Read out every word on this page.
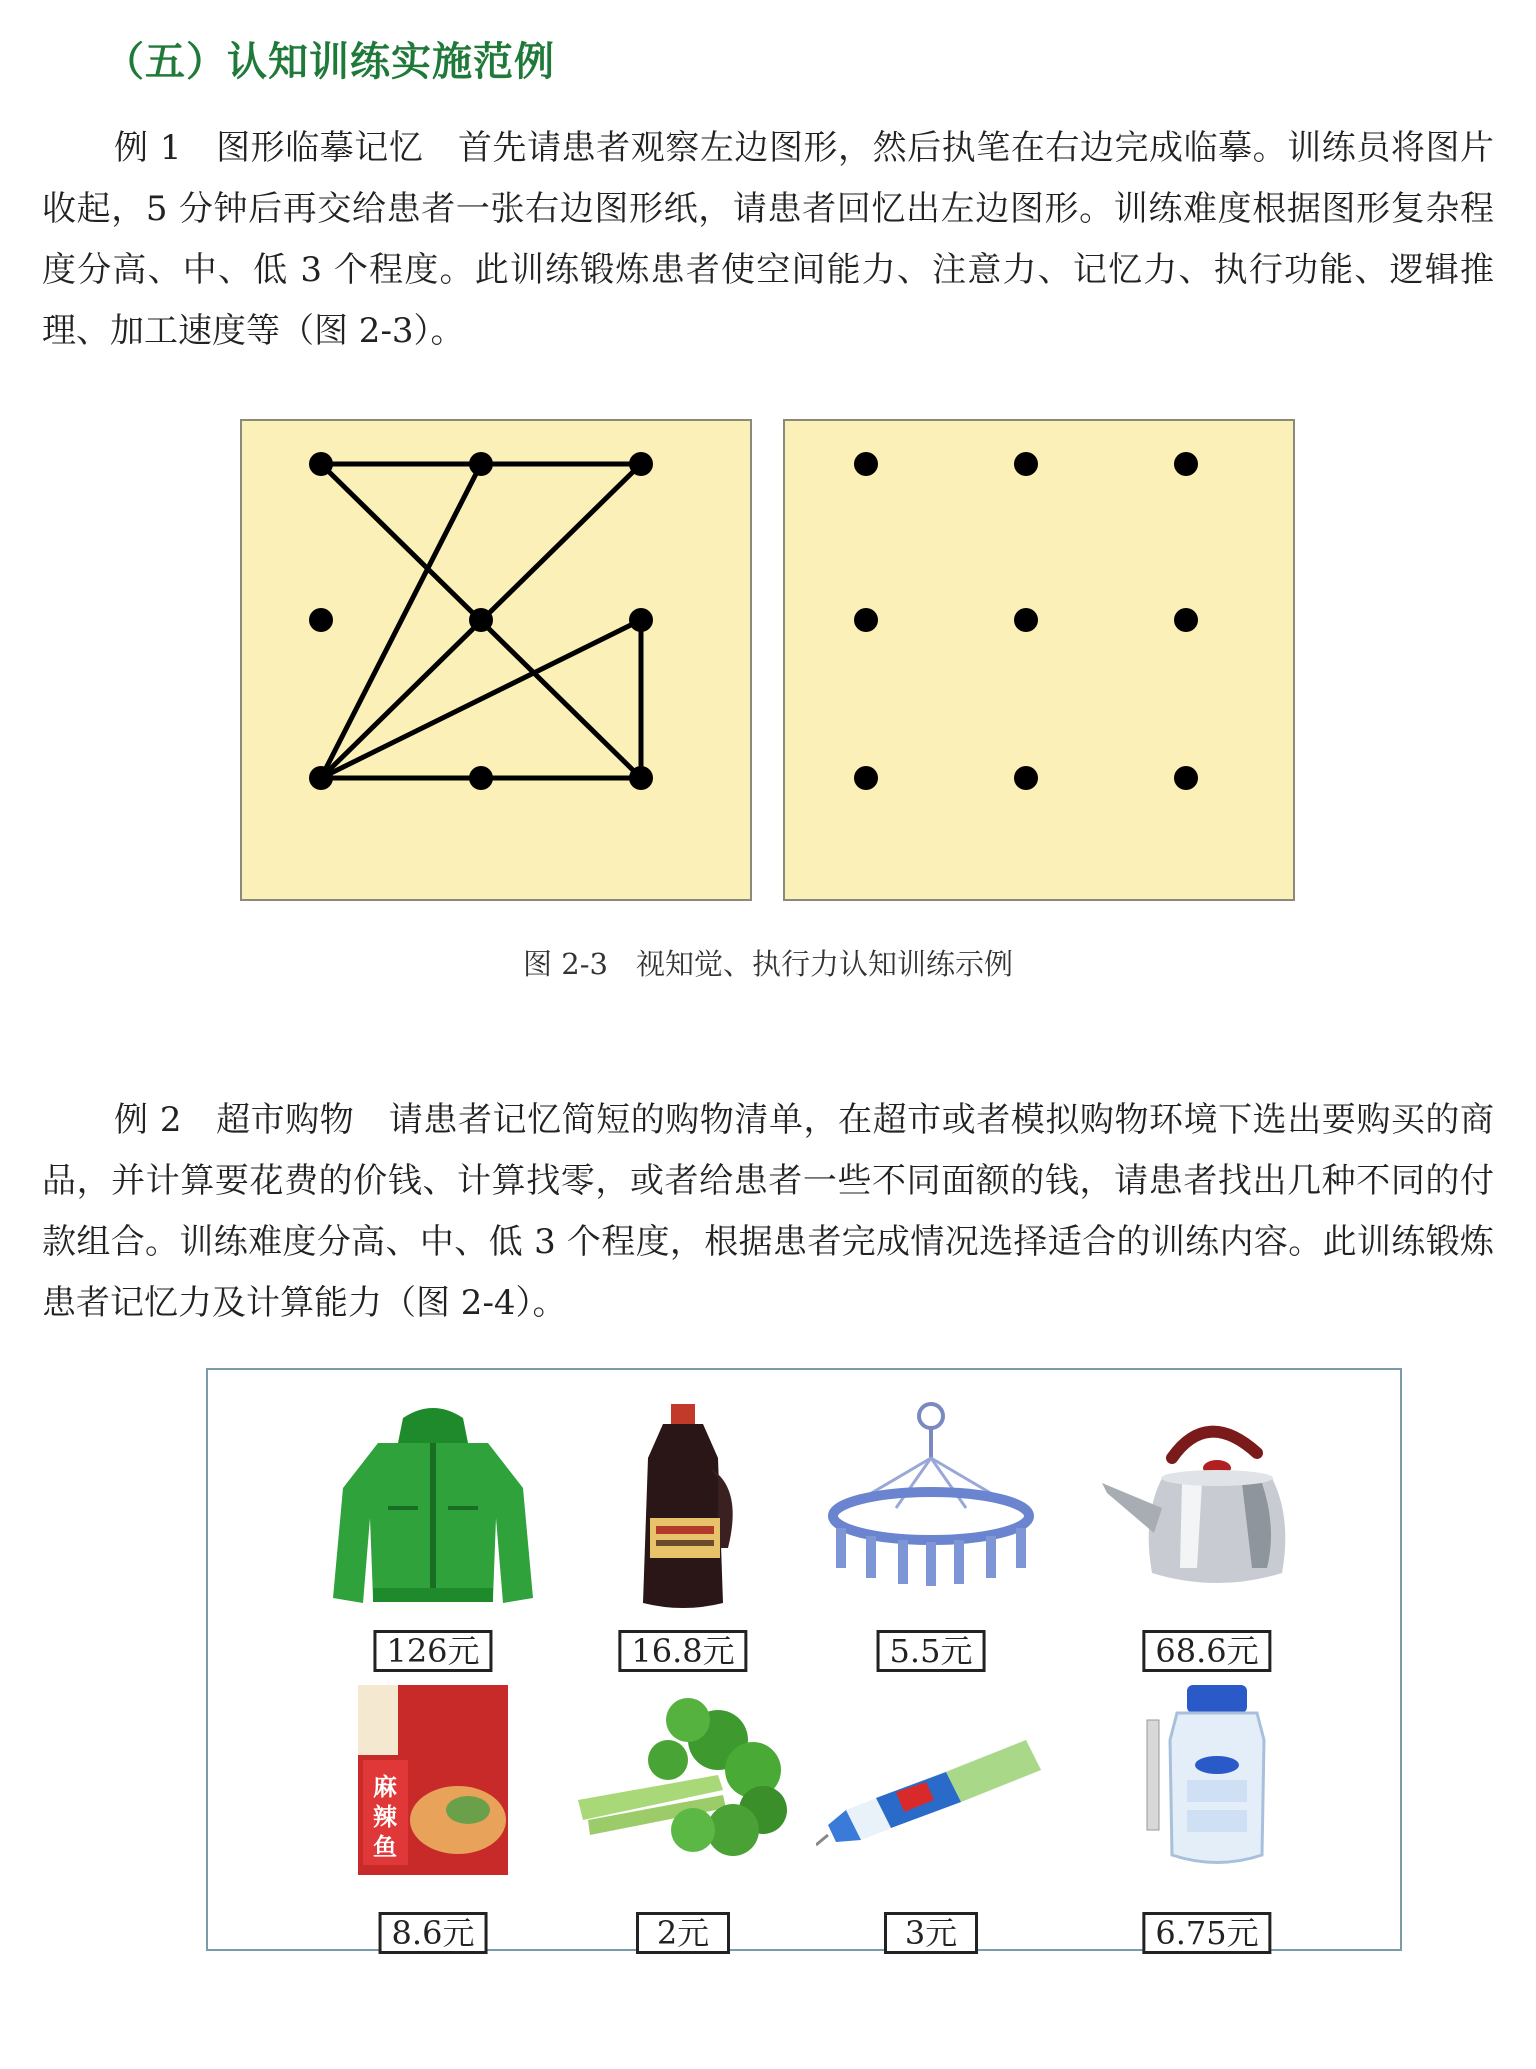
（五）认知训练实施范例

例 1 图形临摹记忆 首先请患者观察左边图形，然后执笔在右边完成临摹。训练员将图片收起，5 分钟后再交给患者一张右边图形纸，请患者回忆出左边图形。训练难度根据图形复杂程度分高、中、低 3 个程度。此训练锻炼患者使空间能力、注意力、记忆力、执行功能、逻辑推理、加工速度等（图 2-3）。

图 2-3 视知觉、执行力认知训练示例

例 2 超市购物 请患者记忆简短的购物清单，在超市或者模拟购物环境下选出要购买的商品，并计算要花费的价钱、计算找零，或者给患者一些不同面额的钱，请患者找出几种不同的付款组合。训练难度分高、中、低 3 个程度，根据患者完成情况选择适合的训练内容。此训练锻炼患者记忆力及计算能力（图 2-4）。

126元	16.8元	5.5元	68.6元
麻
辣
鱼
8.6元	2元	3元	6.75元
